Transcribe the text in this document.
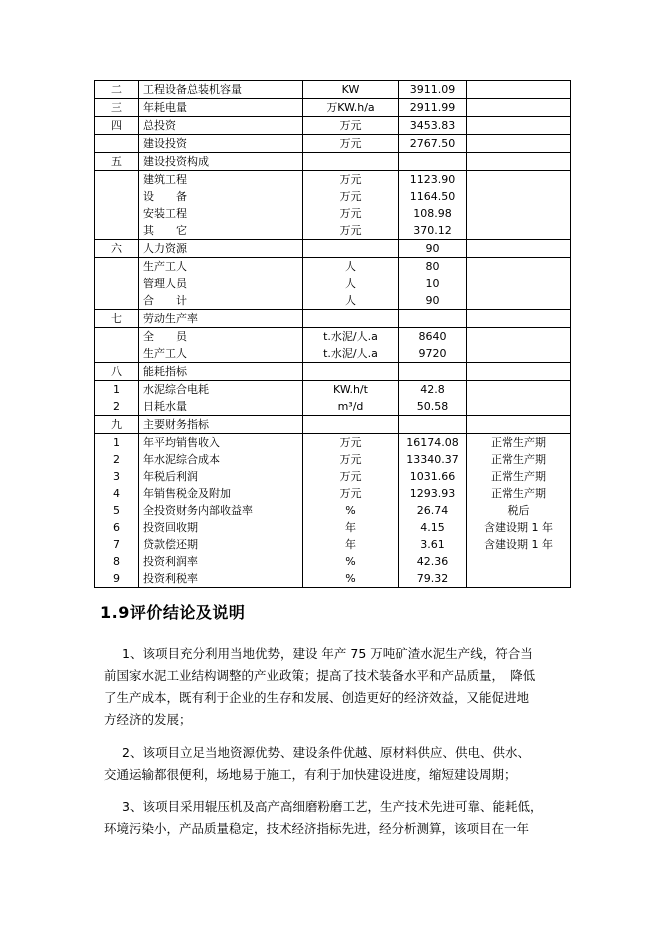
二	工程设备总装机容量	KW	3911.09	
三	年耗电量	万KW.h/a	2911.99	
四	总投资	万元	3453.83	
	建设投资	万元	2767.50	
五	建设投资构成			
	建筑工程	万元	1123.90	
	设　　备	万元	1164.50	
	安装工程	万元	108.98	
	其　　它	万元	370.12	
六	人力资源		90	
	生产工人	人	80	
	管理人员	人	10	
	合　　计	人	90	
七	劳动生产率			
	全　　员	t.水泥/人.a	8640	
	生产工人	t.水泥/人.a	9720	
八	能耗指标			
1	水泥综合电耗	KW.h/t	42.8	
2	日耗水量	m³/d	50.58	
九	主要财务指标			
1	年平均销售收入	万元	16174.08	正常生产期
2	年水泥综合成本	万元	13340.37	正常生产期
3	年税后利润	万元	1031.66	正常生产期
4	年销售税金及附加	万元	1293.93	正常生产期
5	全投资财务内部收益率	%	26.74	税后
6	投资回收期	年	4.15	含建设期 1 年
7	贷款偿还期	年	3.61	含建设期 1 年
8	投资利润率	%	42.36	
9	投资利税率	%	79.32	
1.9评价结论及说明

1、该项目充分利用当地优势，建设 年产 75 万吨矿渣水泥生产线，符合当
前国家水泥工业结构调整的产业政策；提高了技术装备水平和产品质量，　降低
了生产成本，既有利于企业的生存和发展、创造更好的经济效益，又能促进地
方经济的发展；

2、该项目立足当地资源优势、建设条件优越、原材料供应、供电、供水、
交通运输都很便利，场地易于施工，有利于加快建设进度，缩短建设周期；

3、该项目采用辊压机及高产高细磨粉磨工艺，生产技术先进可靠、能耗低，
环境污染小，产品质量稳定，技术经济指标先进，经分析测算，该项目在一年
